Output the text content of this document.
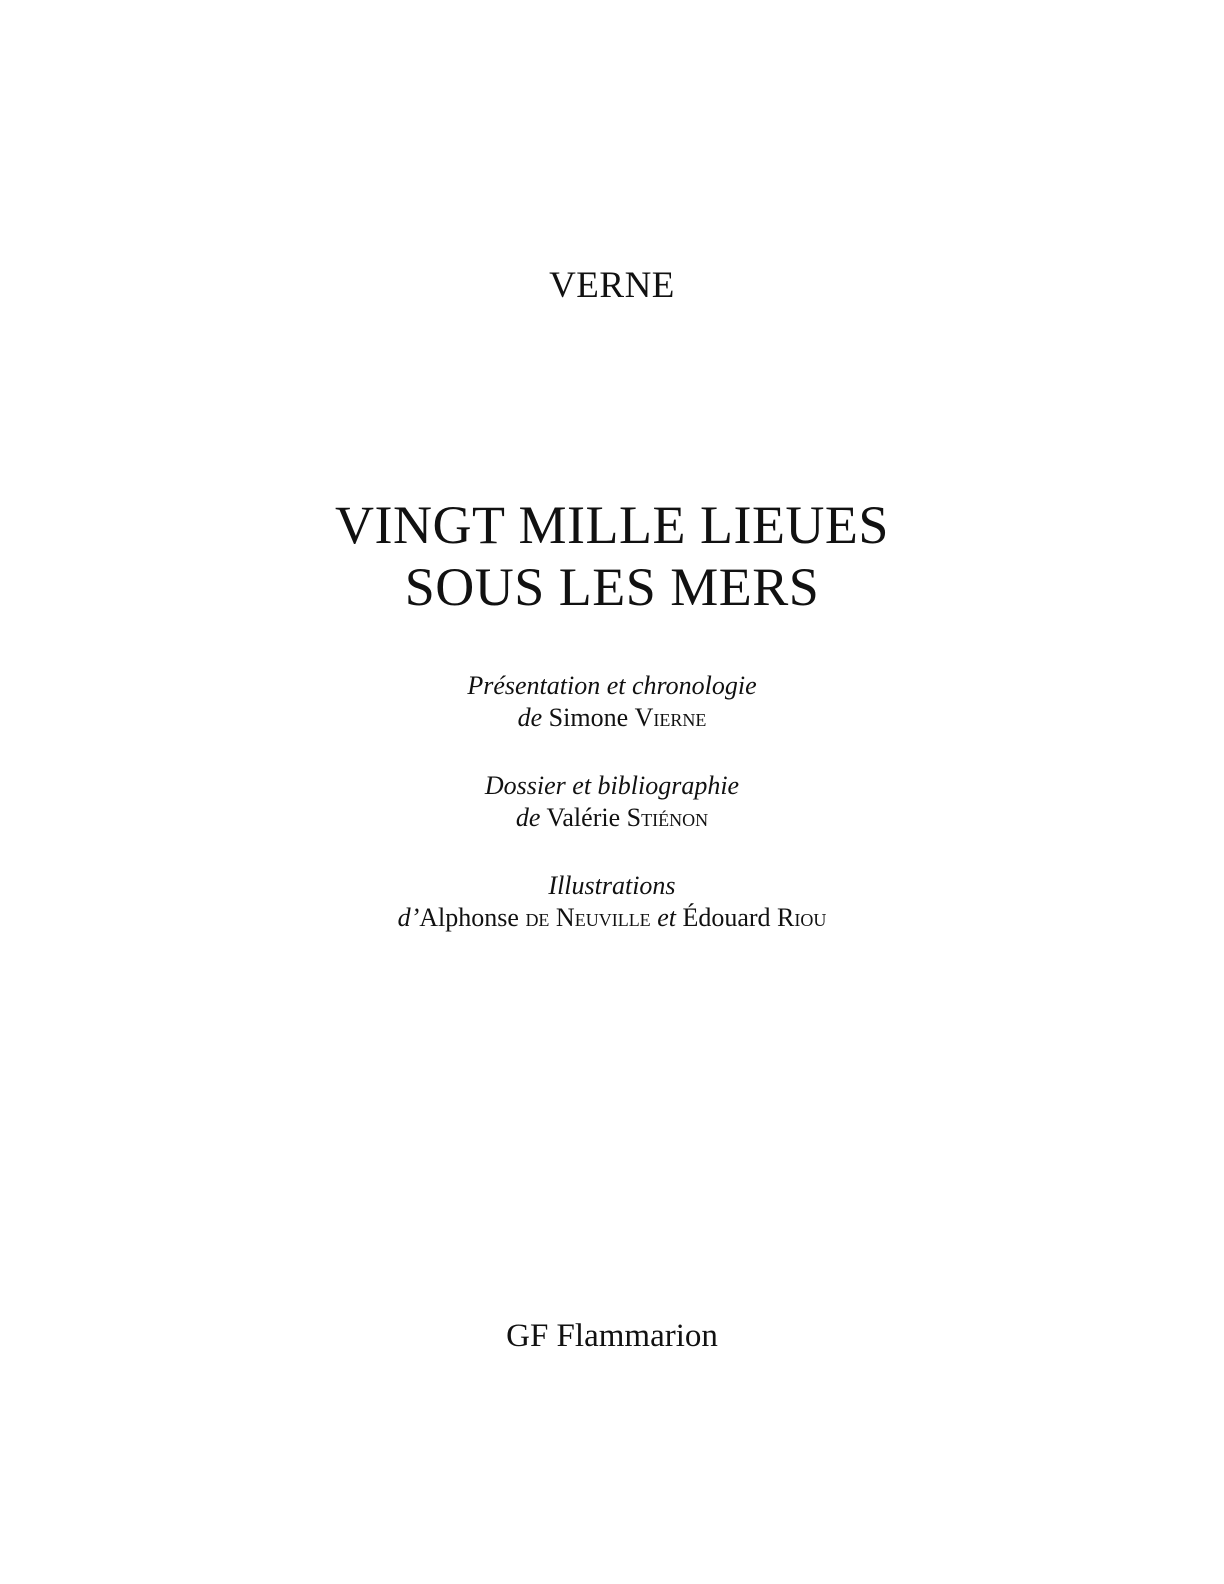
VERNE
VINGT MILLE LIEUES
SOUS LES MERS
Présentation et chronologie
de Simone Vierne
Dossier et bibliographie
de Valérie Stiénon
Illustrations
d’Alphonse de Neuville et Édouard Riou
GF Flammarion
